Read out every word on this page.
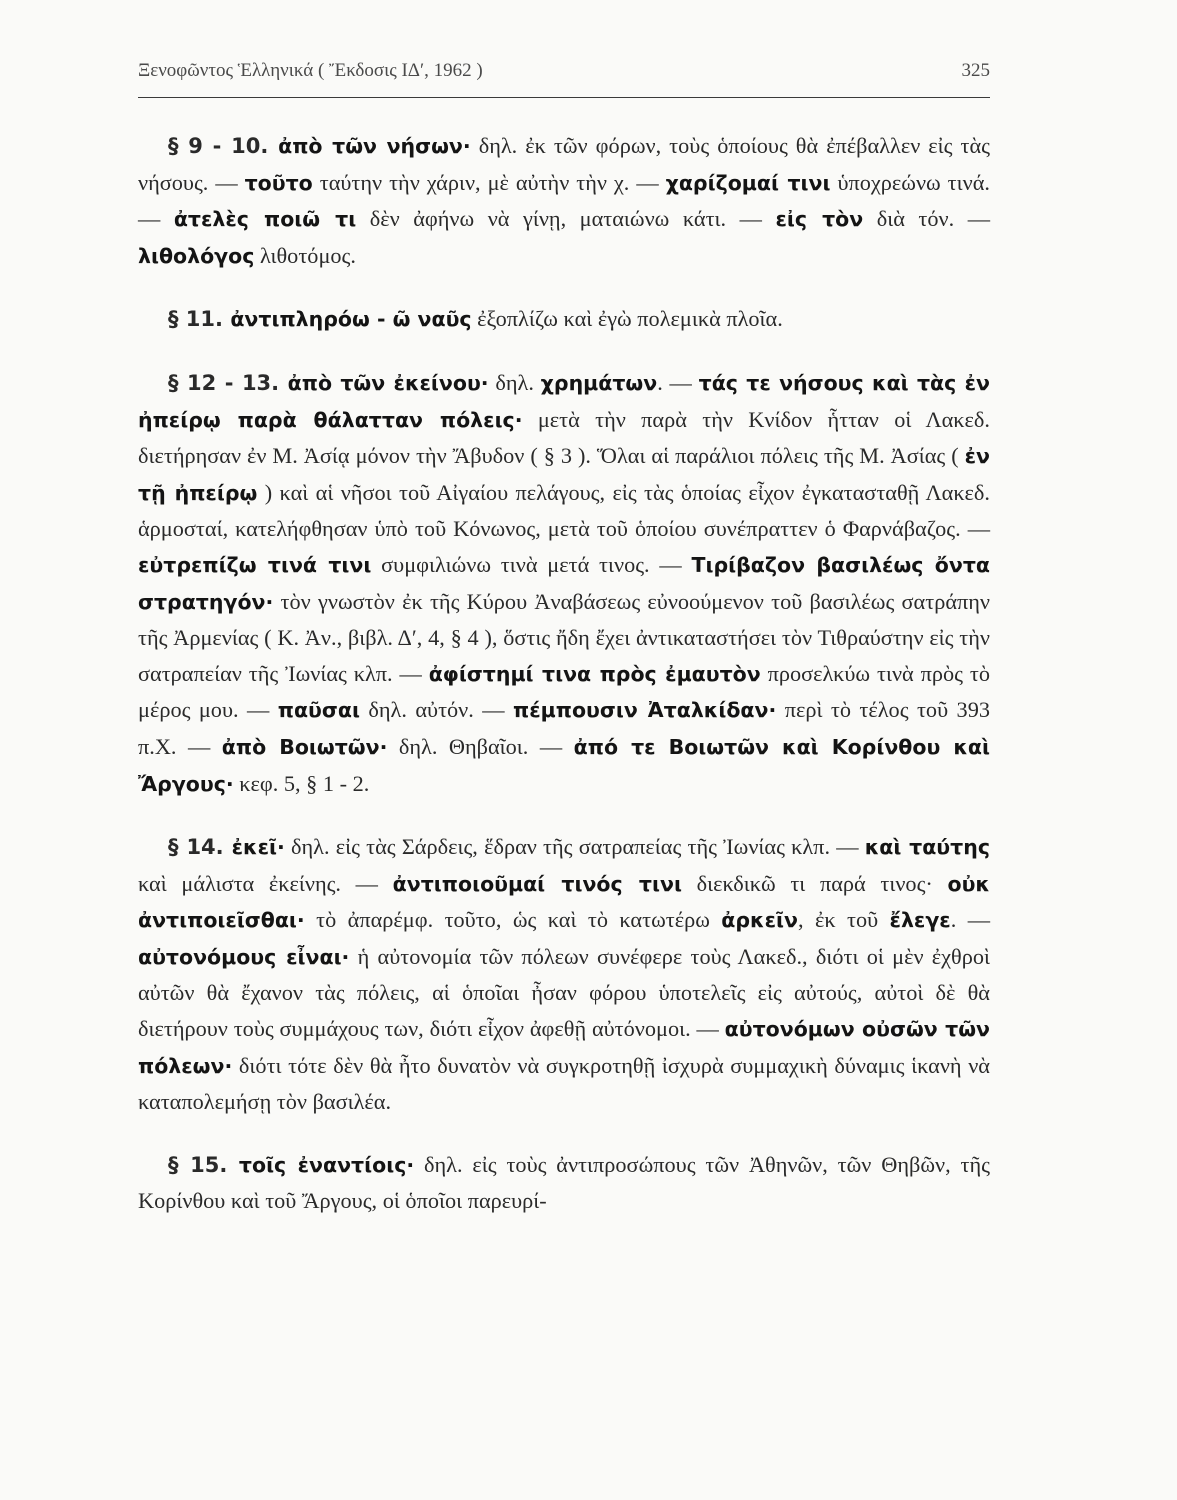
Ξενοφῶντος Ἑλληνικά ( Ἔκδοσις ΙΔ′, 1962 )	325

§ 9 - 10. ἀπὸ τῶν νήσων· δηλ. ἐκ τῶν φόρων, τοὺς ὁποίους θὰ ἐπέβαλλεν εἰς τὰς νήσους. — τοῦτο ταύτην τὴν χάριν, μὲ αὐτὴν τὴν χ. — χαρίζομαί τινι ὑποχρεώνω τινά. — ἀτελὲς ποιῶ τι δὲν ἀφήνω νὰ γίνῃ, ματαιώνω κάτι. — εἰς τὸν διὰ τόν. — λιθολόγος λιθοτόμος.

§ 11. ἀντιπληρόω - ῶ ναῦς ἐξοπλίζω καὶ ἐγὼ πολεμικὰ πλοῖα.

§ 12 - 13. ἀπὸ τῶν ἐκείνου· δηλ. χρημάτων. — τάς τε νήσους καὶ τὰς ἐν ἠπείρῳ παρὰ θάλατταν πόλεις· μετὰ τὴν παρὰ τὴν Κνίδον ἧτταν οἱ Λακεδ. διετήρησαν ἐν Μ. Ἀσίᾳ μόνον τὴν Ἄβυδον ( § 3 ). Ὅλαι αἱ παράλιοι πόλεις τῆς Μ. Ἀσίας ( ἐν τῇ ἠπείρῳ ) καὶ αἱ νῆσοι τοῦ Αἰγαίου πελάγους, εἰς τὰς ὁποίας εἶχον ἐγκατασταθῇ Λακεδ. ἁρμοσταί, κατελήφθησαν ὑπὸ τοῦ Κόνωνος, μετὰ τοῦ ὁποίου συνέπραττεν ὁ Φαρνάβαζος. — εὐτρεπίζω τινά τινι συμφιλιώνω τινὰ μετά τινος. — Τιρίβαζον βασιλέως ὄντα στρατηγόν· τὸν γνωστὸν ἐκ τῆς Κύρου Ἀναβάσεως εὐνοούμενον τοῦ βασιλέως σατράπην τῆς Ἀρμενίας ( Κ. Ἀν., βιβλ. Δ′, 4, § 4 ), ὅστις ἤδη ἔχει ἀντικαταστήσει τὸν Τιθραύστην εἰς τὴν σατραπείαν τῆς Ἰωνίας κλπ. — ἀφίστημί τινα πρὸς ἐμαυτὸν προσελκύω τινὰ πρὸς τὸ μέρος μου. — παῦσαι δηλ. αὐτόν. — πέμπουσιν Ἀταλκίδαν· περὶ τὸ τέλος τοῦ 393 π.Χ. — ἀπὸ Βοιωτῶν· δηλ. Θηβαῖοι. — ἀπό τε Βοιωτῶν καὶ Κορίνθου καὶ Ἄργους· κεφ. 5, § 1 - 2.

§ 14. ἐκεῖ· δηλ. εἰς τὰς Σάρδεις, ἕδραν τῆς σατραπείας τῆς Ἰωνίας κλπ. — καὶ ταύτης καὶ μάλιστα ἐκείνης. — ἀντιποιοῦμαί τινός τινι διεκδικῶ τι παρά τινος· οὐκ ἀντιποιεῖσθαι· τὸ ἀπαρέμφ. τοῦτο, ὡς καὶ τὸ κατωτέρω ἀρκεῖν, ἐκ τοῦ ἔλεγε. — αὐτονόμους εἶναι· ἡ αὐτονομία τῶν πόλεων συνέφερε τοὺς Λακεδ., διότι οἱ μὲν ἐχθροὶ αὐτῶν θὰ ἔχανον τὰς πόλεις, αἱ ὁποῖαι ἦσαν φόρου ὑποτελεῖς εἰς αὐτούς, αὐτοὶ δὲ θὰ διετήρουν τοὺς συμμάχους των, διότι εἶχον ἀφεθῇ αὐτόνομοι. — αὐτονόμων οὐσῶν τῶν πόλεων· διότι τότε δὲν θὰ ἦτο δυνατὸν νὰ συγκροτηθῇ ἰσχυρὰ συμμαχικὴ δύναμις ἱκανὴ νὰ καταπολεμήσῃ τὸν βασιλέα.

§ 15. τοῖς ἐναντίοις· δηλ. εἰς τοὺς ἀντιπροσώπους τῶν Ἀθηνῶν, τῶν Θηβῶν, τῆς Κορίνθου καὶ τοῦ Ἄργους, οἱ ὁποῖοι παρευρί-
